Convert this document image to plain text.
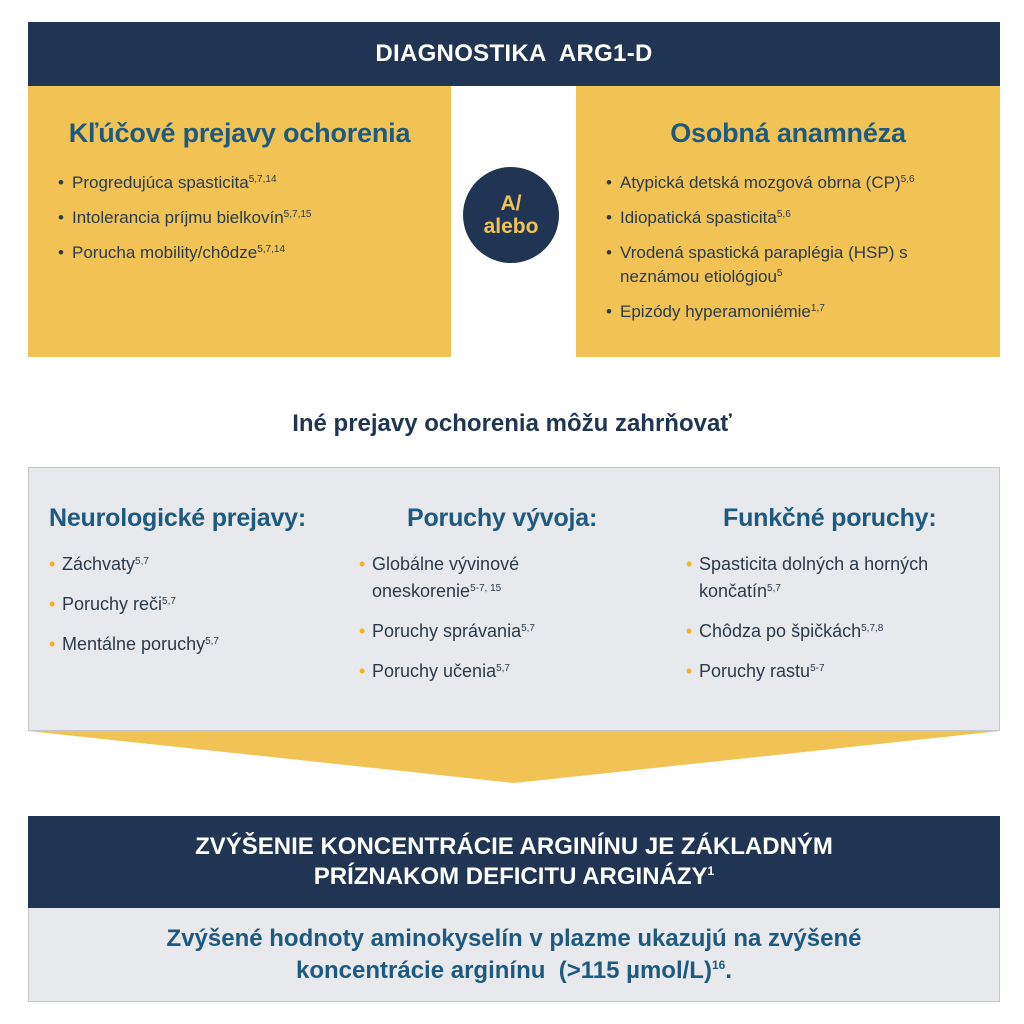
DIAGNOSTIKA  ARG1-D
Kľúčové prejavy ochorenia
• Progredujúca spasticita$^{5,7,14}$
• Intolerancia príjmu bielkovín$^{5,7,15}$
• Porucha mobility/chôdze$^{5,7,14}$
A/
alebo
Osobná anamnéza
• Atypická detská mozgová obrna (CP)$^{5,6}$
• Idiopatická spasticita$^{5,6}$
• Vrodená spastická paraplégia (HSP) s neznámou etiológiou$^5$
• Epizódy hyperamoniémie$^{1,7}$
Iné prejavy ochorenia môžu zahrňovať
Neurologické prejavy:
• Záchvaty$^{5,7}$
• Poruchy reči$^{5,7}$
• Mentálne poruchy$^{5,7}$
Poruchy vývoja:
• Globálne vývinové oneskorenie$^{5-7, 15}$
• Poruchy správania$^{5,7}$
• Poruchy učenia$^{5,7}$
Funkčné poruchy:
• Spasticita dolných a horných končatín$^{5,7}$
• Chôdza po špičkách$^{5,7,8}$
• Poruchy rastu$^{5-7}$
ZVÝŠENIE KONCENTRÁCIE ARGINÍNU JE ZÁKLADNÝM
PRÍZNAKOM DEFICITU ARGINÁZY$^1$
Zvýšené hodnoty aminokyselín v plazme ukazujú na zvýšené
koncentrácie arginínu  (>115 µmol/L)$^{16}$.
